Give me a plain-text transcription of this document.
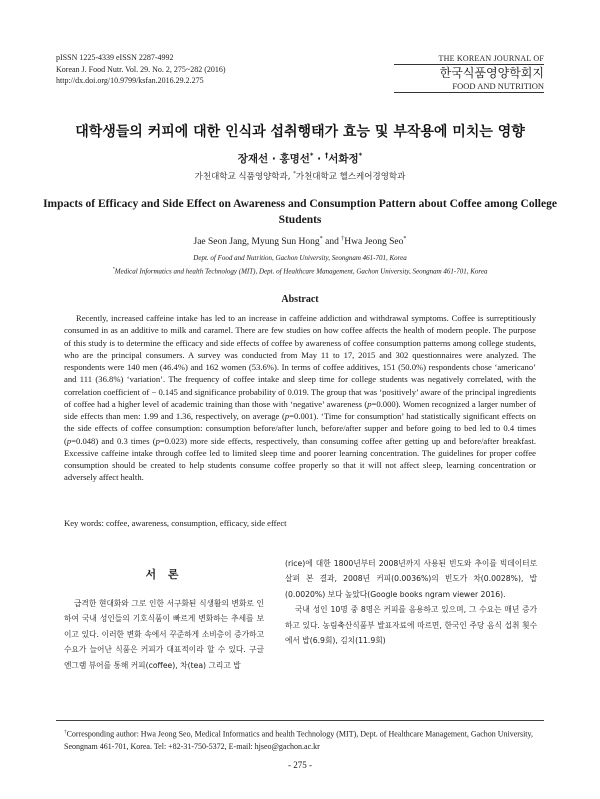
pISSN 1225-4339 eISSN 2287-4992
Korean J. Food Nutr. Vol. 29. No. 2, 275~282 (2016)
http://dx.doi.org/10.9799/ksfan.2016.29.2.275
THE KOREAN JOURNAL OF
한국식품영양학회지
FOOD AND NUTRITION
대학생들의 커피에 대한 인식과 섭취행태가 효능 및 부작용에 미치는 영향
장재선 · 홍명선* · †서화정*
가천대학교 식품영양학과, *가천대학교 헬스케어경영학과
Impacts of Efficacy and Side Effect on Awareness and Consumption Pattern about Coffee among College Students
Jae Seon Jang, Myung Sun Hong* and †Hwa Jeong Seo*
Dept. of Food and Nutrition, Gachon University, Seongnam 461-701, Korea
*Medical Informatics and health Technology (MIT), Dept. of Healthcare Management, Gachon University, Seongnam 461-701, Korea
Abstract
Recently, increased caffeine intake has led to an increase in caffeine addiction and withdrawal symptoms. Coffee is surreptitiously consumed in as an additive to milk and caramel. There are few studies on how coffee affects the health of modern people. The purpose of this study is to determine the efficacy and side effects of coffee by awareness of coffee consumption patterns among college students, who are the principal consumers. A survey was conducted from May 11 to 17, 2015 and 302 questionnaires were analyzed. The respondents were 140 men (46.4%) and 162 women (53.6%). In terms of coffee additives, 151 (50.0%) respondents chose ‘americano’ and 111 (36.8%) ‘variation’. The frequency of coffee intake and sleep time for college students was negatively correlated, with the correlation coefficient of − 0.145 and significance probability of 0.019. The group that was ‘positively’ aware of the principal ingredients of coffee had a higher level of academic training than those with ‘negative’ awareness (p=0.000). Women recognized a larger number of side effects than men: 1.99 and 1.36, respectively, on average (p=0.001). ‘Time for consumption’ had statistically significant effects on the side effects of coffee consumption: consumption before/after lunch, before/after supper and before going to bed led to 0.4 times (p=0.048) and 0.3 times (p=0.023) more side effects, respectively, than consuming coffee after getting up and before/after breakfast. Excessive caffeine intake through coffee led to limited sleep time and poorer learning concentration. The guidelines for proper coffee consumption should be created to help students consume coffee properly so that it will not affect sleep, learning concentration or adversely affect health.
Key words: coffee, awareness, consumption, efficacy, side effect
서 론
급격한 현대화와 그로 인한 서구화된 식생활의 변화로 인하여 국내 성인들의 기호식품이 빠르게 변화하는 추세를 보이고 있다. 이러한 변화 속에서 꾸준하게 소비층이 증가하고 수요가 늘어난 식품은 커피가 대표적이라 할 수 있다. 구글 엔그램 뷰어를 통해 커피(coffee), 차(tea) 그리고 밥

(rice)에 대한 1800년부터 2008년까지 사용된 빈도와 추이를 빅데이터로 살펴 본 결과, 2008년 커피(0.0036%)의 빈도가 차(0.0028%), 밥(0.0020%) 보다 높았다(Google books ngram viewer 2016).

국내 성인 10명 중 8명은 커피를 음용하고 있으며, 그 수요는 매년 증가하고 있다. 농림축산식품부 발표자료에 따르면, 한국인 주당 음식 섭취 횟수에서 밥(6.9회), 김치(11.9회)

†Corresponding author: Hwa Jeong Seo, Medical Informatics and health Technology (MIT), Dept. of Healthcare Management, Gachon University, Seongnam 461-701, Korea. Tel: +82-31-750-5372, E-mail: hjseo@gachon.ac.kr
- 275 -
